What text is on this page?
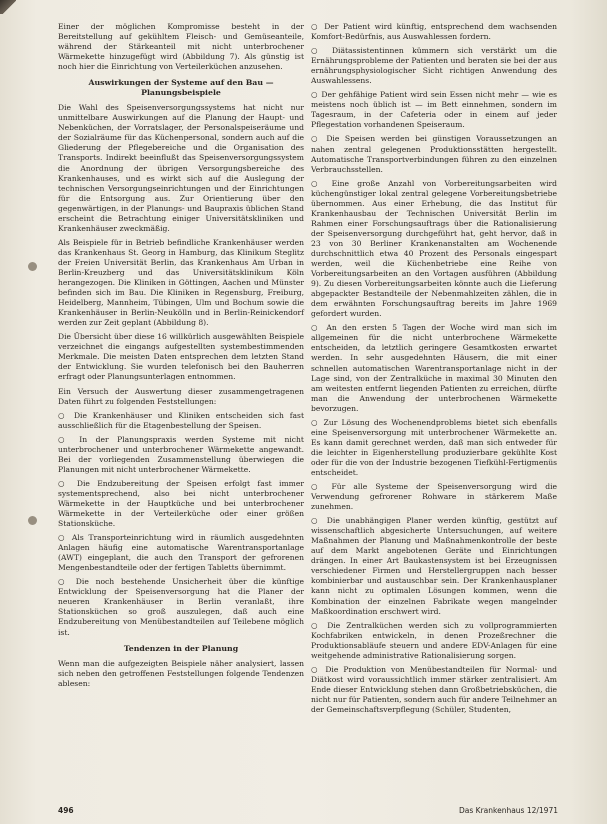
Einer der möglichen Kompromisse besteht in der Bereitstellung auf gekühltem Fleisch- und Gemüseanteile, während der Stärkeanteil mit nicht unterbrochener Wärmekette hinzugefügt wird (Abbildung 7). Als günstig ist noch hier die Einrichtung von Verteilerküchen anzusehen.

Auswirkungen der Systeme auf den Bau — Planungsbeispiele

Die Wahl des Speisenversorgungssystems hat nicht nur unmittelbare Auswirkungen auf die Planung der Haupt- und Nebenküchen, der Vorratslager, der Personalspeiseräume und der Sozialräume für das Küchenpersonal, sondern auch auf die Gliederung der Pflegebereiche und die Organisation des Transports. Indirekt beeinflußt das Speisenversorgungssystem die Anordnung der übrigen Versorgungsbereiche des Krankenhauses, und es wirkt sich auf die Auslegung der technischen Versorgungseinrichtungen und der Einrichtungen für die Entsorgung aus. Zur Orientierung über den gegenwärtigen, in der Planungs- und Baupraxis üblichen Stand erscheint die Betrachtung einiger Universitätskliniken und Krankenhäuser zweckmäßig.

Als Beispiele für in Betrieb befindliche Krankenhäuser werden das Krankenhaus St. Georg in Hamburg, das Klinikum Steglitz der Freien Universität Berlin, das Krankenhaus Am Urban in Berlin-Kreuzberg und das Universitätsklinikum Köln herangezogen. Die Kliniken in Göttingen, Aachen und Münster befinden sich im Bau. Die Kliniken in Regensburg, Freiburg, Heidelberg, Mannheim, Tübingen, Ulm und Bochum sowie die Krankenhäuser in Berlin-Neukölln und in Berlin-Reinickendorf werden zur Zeit geplant (Abbildung 8).

Die Übersicht über diese 16 willkürlich ausgewählten Beispiele verzeichnet die eingangs aufgestellten systembestimmenden Merkmale. Die meisten Daten entsprechen dem letzten Stand der Entwicklung. Sie wurden telefonisch bei den Bauherren erfragt oder Planungsunterlagen entnommen.

Ein Versuch der Auswertung dieser zusammengetragenen Daten führt zu folgenden Feststellungen:

○ Die Krankenhäuser und Kliniken entscheiden sich fast ausschließlich für die Etagenbestellung der Speisen.

○ In der Planungspraxis werden Systeme mit nicht unterbrochener und unterbrochener Wärmekette angewandt. Bei der vorliegenden Zusammenstellung überwiegen die Planungen mit nicht unterbrochener Wärmekette.

○ Die Endzubereitung der Speisen erfolgt fast immer systementsprechend, also bei nicht unterbrochener Wärmekette in der Hauptküche und bei unterbrochener Wärmekette in der Verteilerküche oder einer größen Stationsküche.

○ Als Transporteinrichtung wird in räumlich ausgedehnten Anlagen häufig eine automatische Warentransportanlage (AWT) eingeplant, die auch den Transport der gefrorenen Mengenbestandteile oder der fertigen Tabletts übernimmt.

○ Die noch bestehende Unsicherheit über die künftige Entwicklung der Speisenversorgung hat die Planer der neueren Krankenhäuser in Berlin veranlaßt, ihre Stationsküchen so groß auszulegen, daß auch eine Endzubereitung von Menübestandteilen auf Teilebene möglich ist.

Tendenzen in der Planung

Wenn man die aufgezeigten Beispiele näher analysiert, lassen sich neben den getroffenen Feststellungen folgende Tendenzen ablesen:

○ Der Patient wird künftig, entsprechend dem wachsenden Komfort-Bedürfnis, aus Auswahlessen fordern.

○ Diätassistentinnen kümmern sich verstärkt um die Ernährungsprobleme der Patienten und beraten sie bei der aus ernährungsphysiologischer Sicht richtigen Anwendung des Auswahlessens.

○ Der gehfähige Patient wird sein Essen nicht mehr — wie es meistens noch üblich ist — im Bett einnehmen, sondern im Tagesraum, in der Cafeteria oder in einem auf jeder Pflegestation vorhandenen Speiseraum.

○ Die Speisen werden bei günstigen Voraussetzungen an nahen zentral gelegenen Produktionsstätten hergestellt. Automatische Transportverbindungen führen zu den einzelnen Verbrauchsstellen.

○ Eine große Anzahl von Vorbereitungsarbeiten wird küchengünstiger lokal zentral gelegene Vorbereitungsbetriebe übernommen. Aus einer Erhebung, die das Institut für Krankenhausbau der Technischen Universität Berlin im Rahmen einer Forschungsauftrags über die Rationalisierung der Speisenversorgung durchgeführt hat, geht hervor, daß in 23 von 30 Berliner Krankenanstalten am Wochenende durchschnittlich etwa 40 Prozent des Personals eingespart werden, weil die Küchenbetriebe eine Reihe von Vorbereitungsarbeiten an den Vortagen ausführen (Abbildung 9). Zu diesen Vorbereitungsarbeiten könnte auch die Lieferung abgepackter Bestandteile der Nebenmahlzeiten zählen, die in dem erwähnten Forschungsauftrag bereits im Jahre 1969 gefordert wurden.

○ An den ersten 5 Tagen der Woche wird man sich im allgemeinen für die nicht unterbrochene Wärmekette entscheiden, da letztlich geringere Gesamtkosten erwartet werden. In sehr ausgedehnten Häusern, die mit einer schnellen automatischen Warentransportanlage nicht in der Lage sind, von der Zentralküche in maximal 30 Minuten den am weitesten entfernt liegenden Patienten zu erreichen, dürfte man die Anwendung der unterbrochenen Wärmekette bevorzugen.

○ Zur Lösung des Wochenendproblems bietet sich ebenfalls eine Speisenversorgung mit unterbrochener Wärmekette an. Es kann damit gerechnet werden, daß man sich entweder für die leichter in Eigenherstellung produzierbare gekühlte Kost oder für die von der Industrie bezogenen Tiefkühl-Fertigmenüs entscheidet.

○ Für alle Systeme der Speisenversorgung wird die Verwendung gefrorener Rohware in stärkerem Maße zunehmen.

○ Die unabhängigen Planer werden künftig, gestützt auf wissenschaftlich abgesicherte Untersuchungen, auf weitere Maßnahmen der Planung und Maßnahmenkontrolle der beste auf dem Markt angebotenen Geräte und Einrichtungen drängen. In einer Art Baukastensystem ist bei Erzeugnissen verschiedener Firmen und Herstellergruppen nach besser kombinierbar und austauschbar sein. Der Krankenhausplaner kann nicht zu optimalen Lösungen kommen, wenn die Kombination der einzelnen Fabrikate wegen mangelnder Maßkoordination erschwert wird.

○ Die Zentralküchen werden sich zu vollprogrammierten Kochfabriken entwickeln, in denen Prozeßrechner die Produktionsabläufe steuern und andere EDV-Anlagen für eine weitgehende administrative Rationalisierung sorgen.

○ Die Produktion von Menübestandteilen für Normal- und Diätkost wird voraussichtlich immer stärker zentralisiert. Am Ende dieser Entwicklung stehen dann Großbetriebsküchen, die nicht nur für Patienten, sondern auch für andere Teilnehmer an der Gemeinschaftsverpflegung (Schüler, Studenten,

496	Das Krankenhaus 12/1971
